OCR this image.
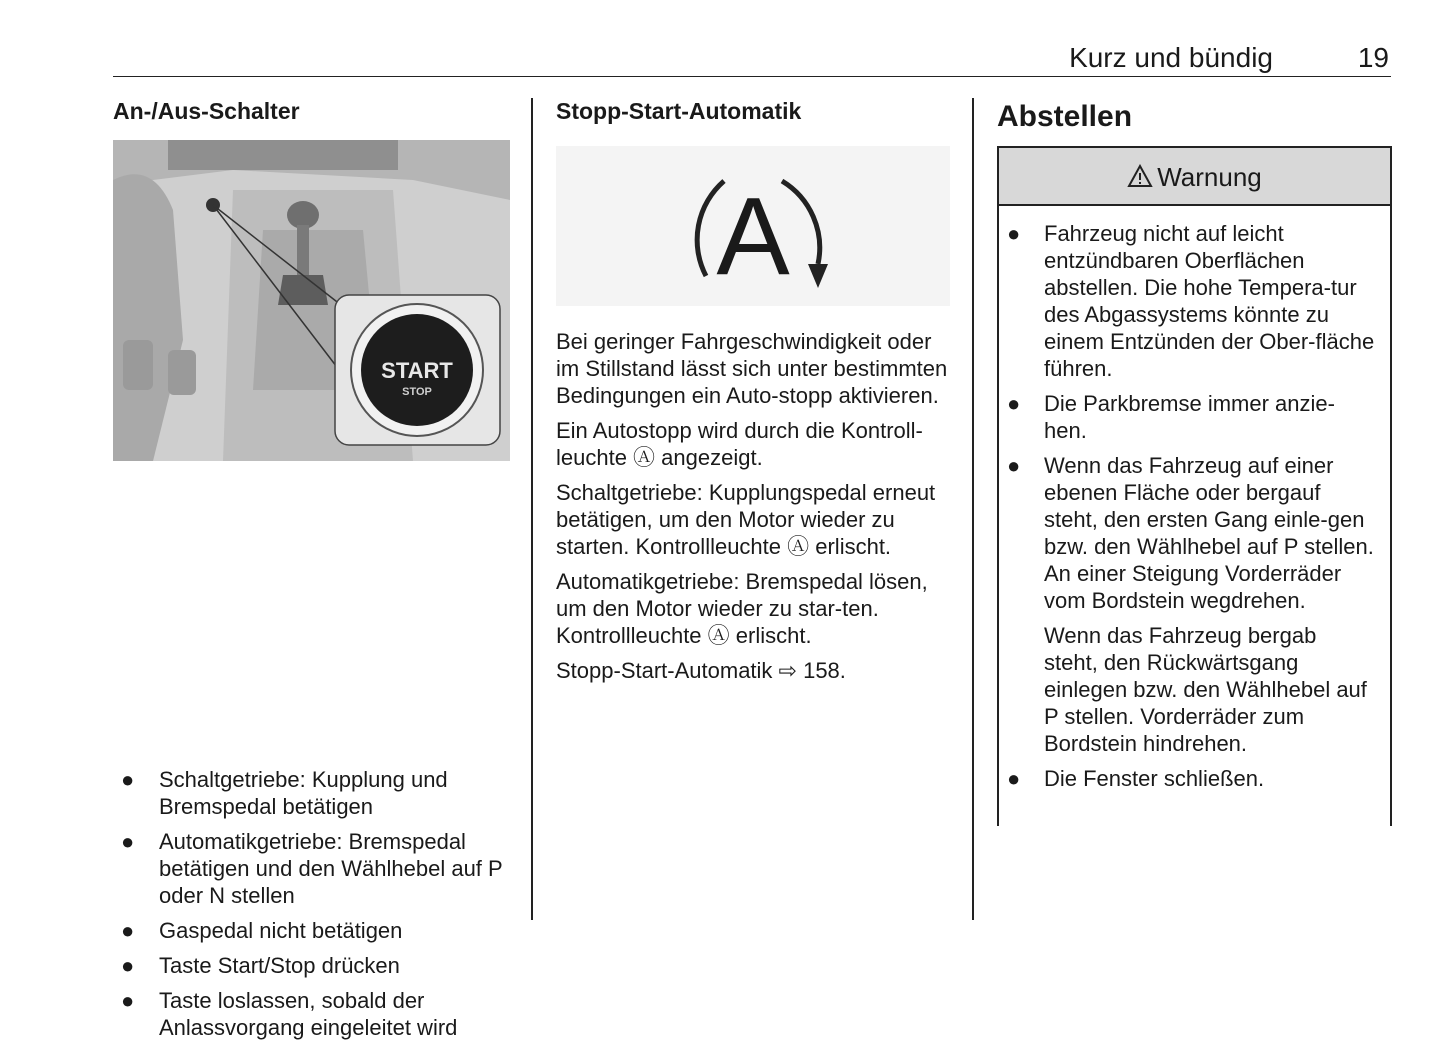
Kurz und bündig	19
An-/Aus-Schalter
START
STOP
● Schaltgetriebe: Kupplung und Bremspedal betätigen
● Automatikgetriebe: Bremspedal betätigen und den Wählhebel auf P oder N stellen
● Gaspedal nicht betätigen
● Taste Start/Stop drücken
● Taste loslassen, sobald der Anlassvorgang eingeleitet wird
Stopp-Start-Automatik
A

Bei geringer Fahrgeschwindigkeit oder im Stillstand lässt sich unter bestimmten Bedingungen ein Auto-stopp aktivieren.

Ein Autostopp wird durch die Kontroll-leuchte Ⓐ angezeigt.

Schaltgetriebe: Kupplungspedal erneut betätigen, um den Motor wieder zu starten. Kontrollleuchte Ⓐ erlischt.

Automatikgetriebe: Bremspedal lösen, um den Motor wieder zu star-ten. Kontrollleuchte Ⓐ erlischt.

Stopp-Start-Automatik ⇨ 158.

Abstellen
Warnung
● Fahrzeug nicht auf leicht entzündbaren Oberflächen abstellen. Die hohe Tempera-tur des Abgassystems könnte zu einem Entzünden der Ober-fläche führen.
● Die Parkbremse immer anzie-hen.
● Wenn das Fahrzeug auf einer ebenen Fläche oder bergauf steht, den ersten Gang einle-gen bzw. den Wählhebel auf P stellen. An einer Steigung Vorderräder vom Bordstein wegdrehen.

Wenn das Fahrzeug bergab steht, den Rückwärtsgang einlegen bzw. den Wählhebel auf P stellen. Vorderräder zum Bordstein hindrehen.

● Die Fenster schließen.
